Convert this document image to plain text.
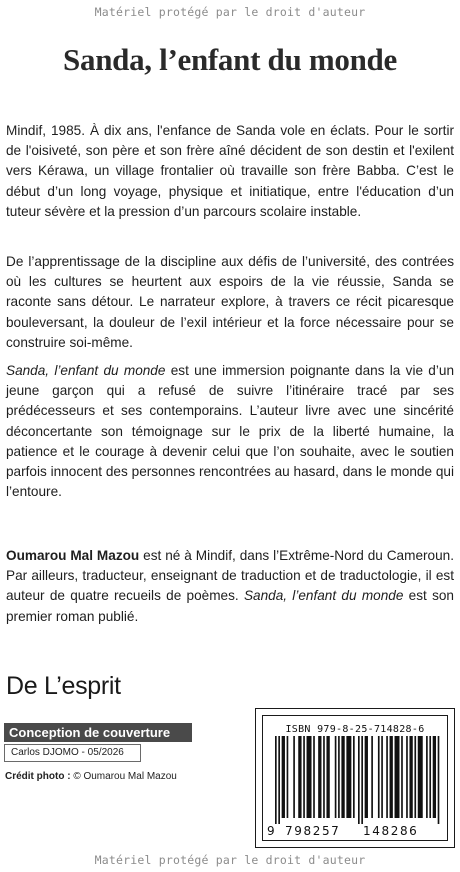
Matériel protégé par le droit d'auteur
Sanda, l’enfant du monde

Mindif, 1985. À dix ans, l'enfance de Sanda vole en éclats. Pour le sortir de l'oisiveté, son père et son frère aîné décident de son destin et l'exilent vers Kérawa, un village frontalier où travaille son frère Babba. C’est le début d’un long voyage, physique et initiatique, entre l'éducation d’un tuteur sévère et la pression d’un parcours scolaire instable.

De l’apprentissage de la discipline aux défis de l’université, des contrées où les cultures se heurtent aux espoirs de la vie réussie, Sanda se raconte sans détour. Le narrateur explore, à travers ce récit picaresque bouleversant, la douleur de l’exil intérieur et la force nécessaire pour se construire soi-même.

Sanda, l’enfant du monde est une immersion poignante dans la vie d’un jeune garçon qui a refusé de suivre l’itinéraire tracé par ses prédécesseurs et ses contemporains. L’auteur livre avec une sincérité déconcertante son témoignage sur le prix de la liberté humaine, la patience et le courage à devenir celui que l’on souhaite, avec le soutien parfois innocent des personnes rencontrées au hasard, dans le monde qui l’entoure.

Oumarou Mal Mazou est né à Mindif, dans l’Extrême-Nord du Cameroun. Par ailleurs, traducteur, enseignant de traduction et de traductologie, il est auteur de quatre recueils de poèmes. Sanda, l’enfant du monde est son premier roman publié.

De L’esprit
Conception de couverture
Carlos DJOMO - 05/2026
Crédit photo : © Oumarou Mal Mazou
ISBN 979-8-25-714828-6
9 798257 148286
Matériel protégé par le droit d'auteur
